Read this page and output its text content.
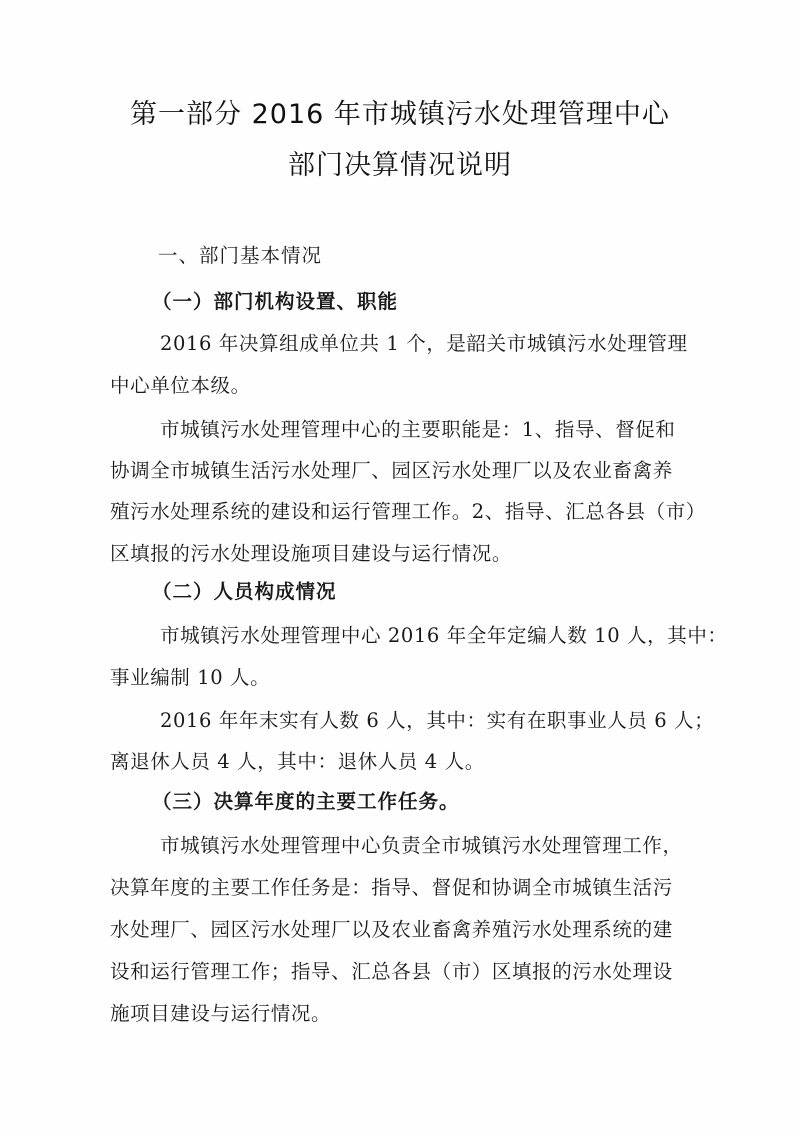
第一部分 2016 年市城镇污水处理管理中心
部门决算情况说明
一、部门基本情况
（一）部门机构设置、职能
2016 年决算组成单位共 1 个，是韶关市城镇污水处理管理
中心单位本级。
市城镇污水处理管理中心的主要职能是：1、指导、督促和
协调全市城镇生活污水处理厂、园区污水处理厂以及农业畜禽养
殖污水处理系统的建设和运行管理工作。2、指导、汇总各县（市）
区填报的污水处理设施项目建设与运行情况。
（二）人员构成情况
市城镇污水处理管理中心 2016 年全年定编人数 10 人，其中：
事业编制 10 人。
2016 年年末实有人数 6 人，其中：实有在职事业人员 6 人；
离退休人员 4 人，其中：退休人员 4 人。
（三）决算年度的主要工作任务。
市城镇污水处理管理中心负责全市城镇污水处理管理工作，
决算年度的主要工作任务是：指导、督促和协调全市城镇生活污
水处理厂、园区污水处理厂以及农业畜禽养殖污水处理系统的建
设和运行管理工作；指导、汇总各县（市）区填报的污水处理设
施项目建设与运行情况。
